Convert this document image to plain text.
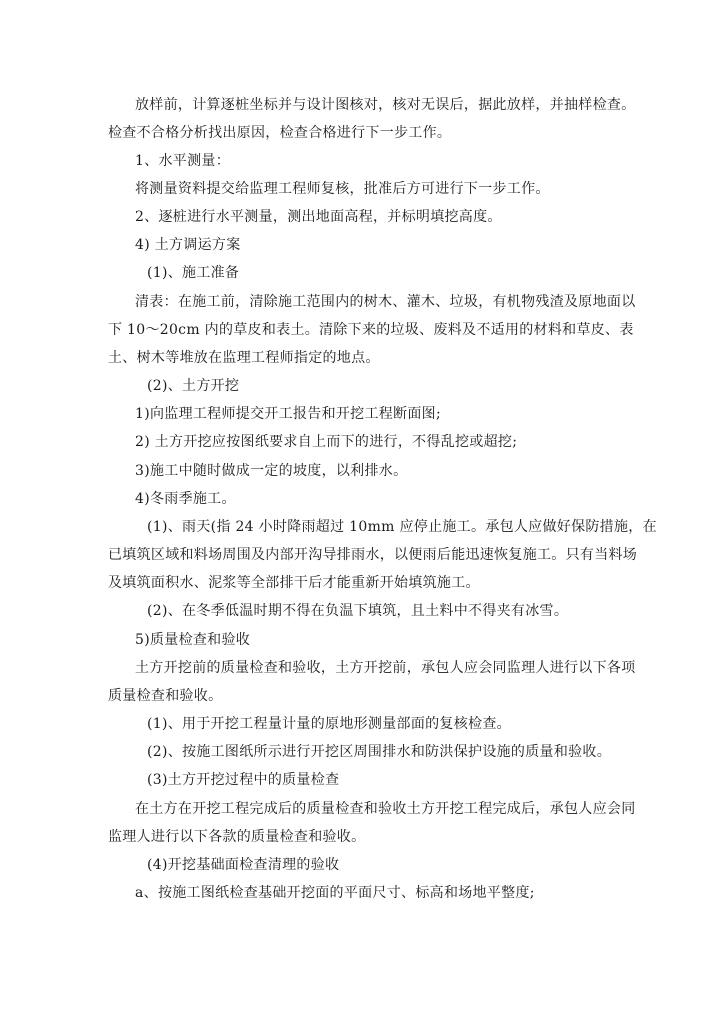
放样前，计算逐桩坐标并与设计图核对，核对无误后，据此放样，并抽样检查。
检查不合格分析找出原因，检查合格进行下一步工作。
1、水平测量：
将测量资料提交给监理工程师复核，批准后方可进行下一步工作。
2、逐桩进行水平测量，测出地面高程，并标明填挖高度。
4) 土方调运方案
(1)、施工准备
清表：在施工前，清除施工范围内的树木、灌木、垃圾，有机物残渣及原地面以
下 10～20cm 内的草皮和表土。清除下来的垃圾、废料及不适用的材料和草皮、表
土、树木等堆放在监理工程师指定的地点。
(2)、土方开挖
1)向监理工程师提交开工报告和开挖工程断面图;
2) 土方开挖应按图纸要求自上而下的进行，不得乱挖或超挖;
3)施工中随时做成一定的坡度，以利排水。
4)冬雨季施工。
(1)、雨天(指 24 小时降雨超过 10mm 应停止施工。承包人应做好保防措施，在
已填筑区域和料场周围及内部开沟导排雨水，以便雨后能迅速恢复施工。只有当料场
及填筑面积水、泥浆等全部排干后才能重新开始填筑施工。
(2)、在冬季低温时期不得在负温下填筑，且土料中不得夹有冰雪。
5)质量检查和验收
土方开挖前的质量检查和验收，土方开挖前，承包人应会同监理人进行以下各项
质量检查和验收。
(1)、用于开挖工程量计量的原地形测量部面的复核检查。
(2)、按施工图纸所示进行开挖区周围排水和防洪保护设施的质量和验收。
(3)土方开挖过程中的质量检查
在土方在开挖工程完成后的质量检查和验收土方开挖工程完成后，承包人应会同
监理人进行以下各款的质量检查和验收。
(4)开挖基础面检查清理的验收
a、按施工图纸检查基础开挖面的平面尺寸、标高和场地平整度;
